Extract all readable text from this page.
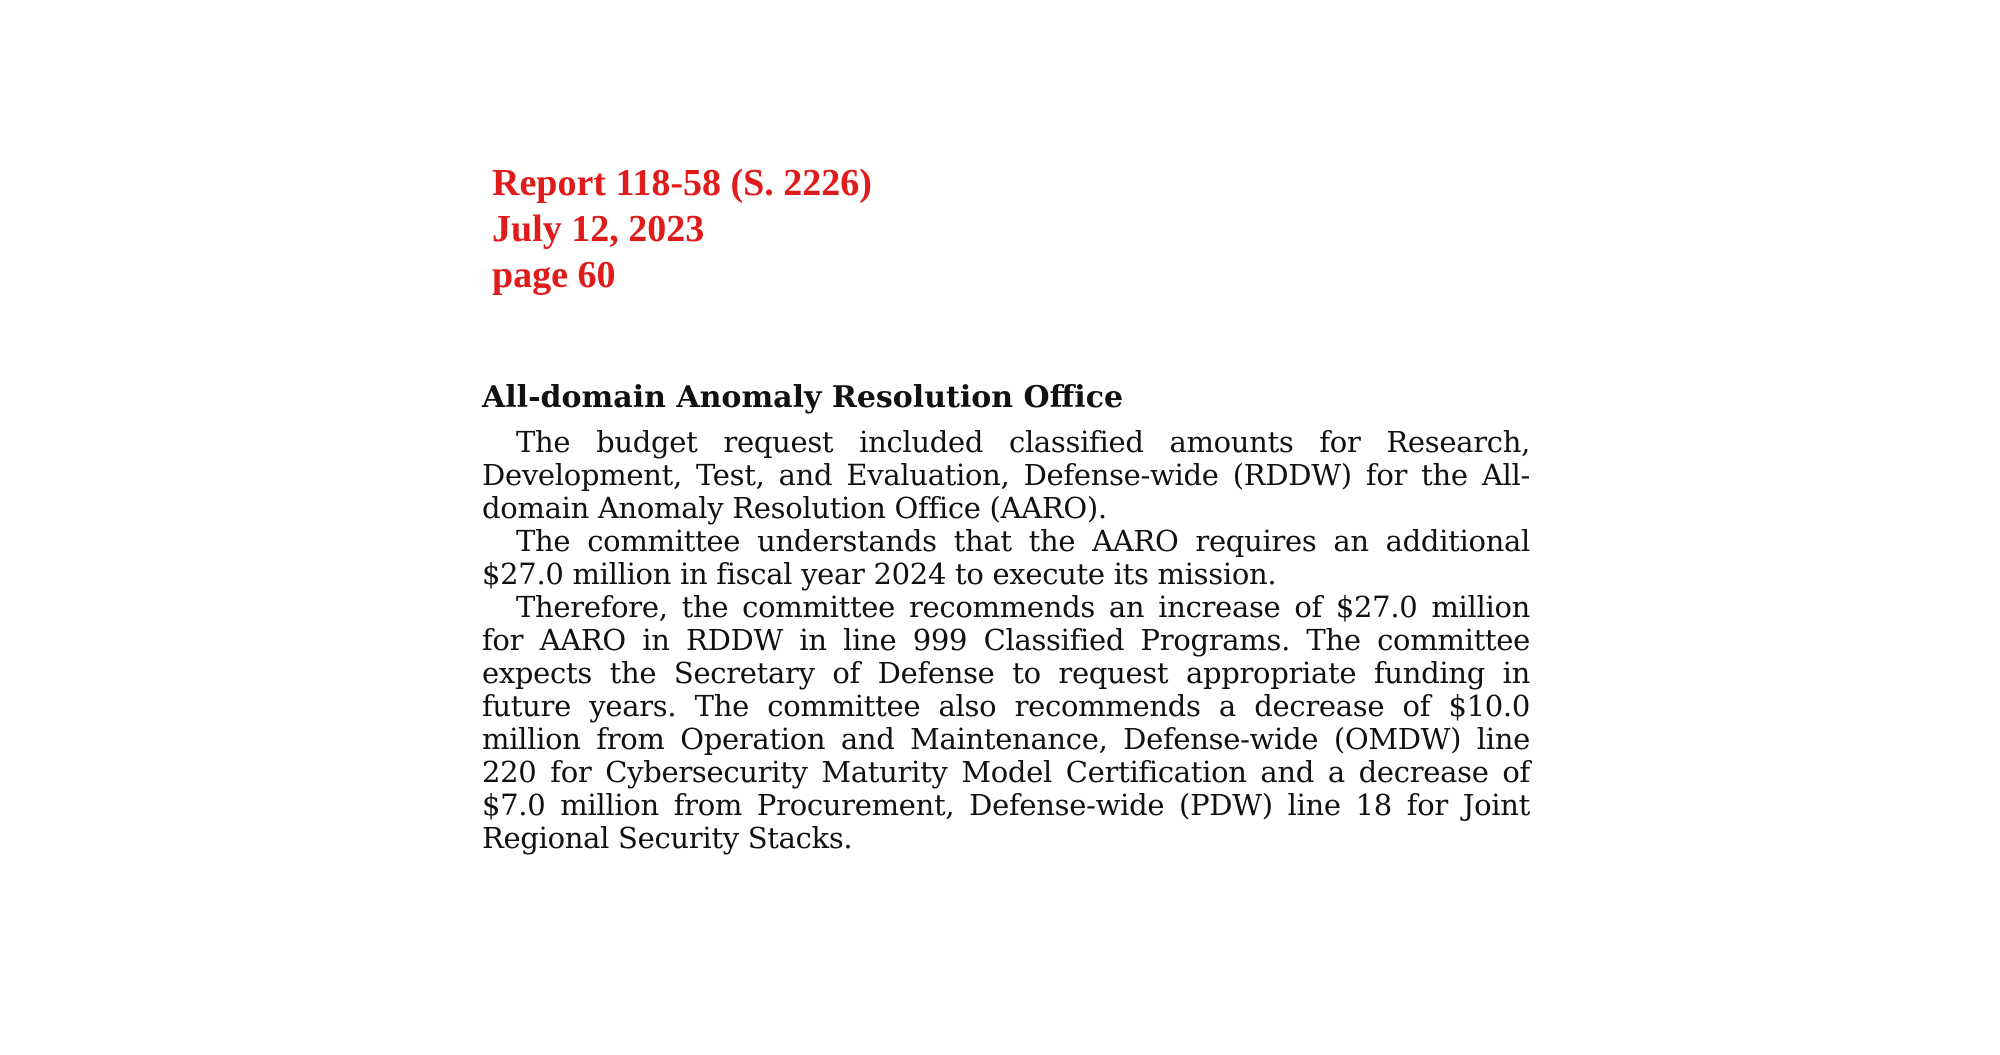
Report 118-58 (S. 2226)
July 12, 2023
page 60
All-domain Anomaly Resolution Office

The budget request included classified amounts for Research, Development, Test, and Evaluation, Defense-wide (RDDW) for the All-domain Anomaly Resolution Office (AARO).

The committee understands that the AARO requires an additional $27.0 million in fiscal year 2024 to execute its mission.

Therefore, the committee recommends an increase of $27.0 million for AARO in RDDW in line 999 Classified Programs. The committee expects the Secretary of Defense to request appropriate funding in future years. The committee also recommends a decrease of $10.0 million from Operation and Maintenance, Defense-wide (OMDW) line 220 for Cybersecurity Maturity Model Certification and a decrease of $7.0 million from Procurement, Defense-wide (PDW) line 18 for Joint Regional Security Stacks.
